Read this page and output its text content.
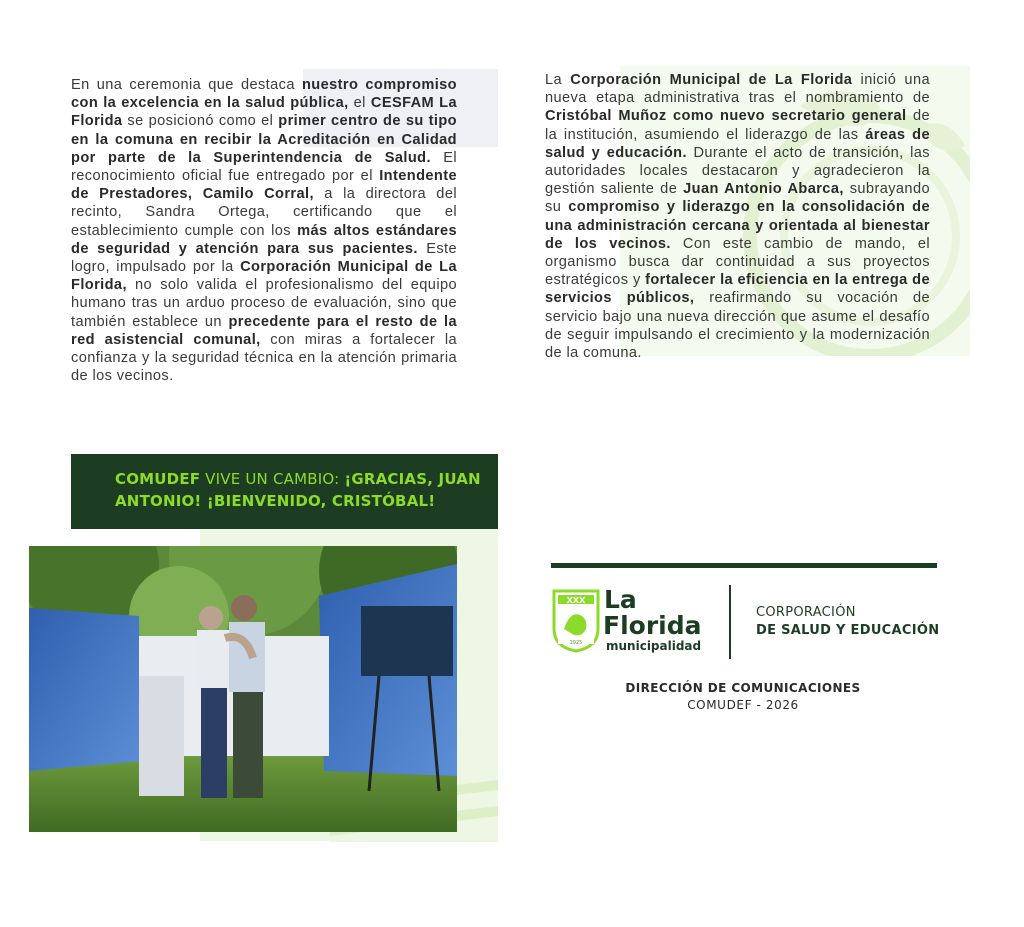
En una ceremonia que destaca nuestro compromiso con la excelencia en la salud pública, el CESFAM La Florida se posicionó como el primer centro de su tipo en la comuna en recibir la Acreditación en Calidad por parte de la Superintendencia de Salud. El reconocimiento oficial fue entregado por el Intendente de Prestadores, Camilo Corral, a la directora del recinto, Sandra Ortega, certificando que el establecimiento cumple con los más altos estándares de seguridad y atención para sus pacientes. Este logro, impulsado por la Corporación Municipal de La Florida, no solo valida el profesionalismo del equipo humano tras un arduo proceso de evaluación, sino que también establece un precedente para el resto de la red asistencial comunal, con miras a fortalecer la confianza y la seguridad técnica en la atención primaria de los vecinos.
La Corporación Municipal de La Florida inició una nueva etapa administrativa tras el nombramiento de Cristóbal Muñoz como nuevo secretario general de la institución, asumiendo el liderazgo de las áreas de salud y educación. Durante el acto de transición, las autoridades locales destacaron y agradecieron la gestión saliente de Juan Antonio Abarca, subrayando su compromiso y liderazgo en la consolidación de una administración cercana y orientada al bienestar de los vecinos. Con este cambio de mando, el organismo busca dar continuidad a sus proyectos estratégicos y fortalecer la eficiencia en la entrega de servicios públicos, reafirmando su vocación de servicio bajo una nueva dirección que asume el desafío de seguir impulsando el crecimiento y la modernización de la comuna.
COMUDEF VIVE UN CAMBIO: ¡GRACIAS, JUAN ANTONIO! ¡BIENVENIDO, CRISTÓBAL!
XXX
1925
La
Florida
municipalidad
CORPORACIÓN
DE SALUD Y EDUCACIÓN
DIRECCIÓN DE COMUNICACIONES
COMUDEF - 2026
